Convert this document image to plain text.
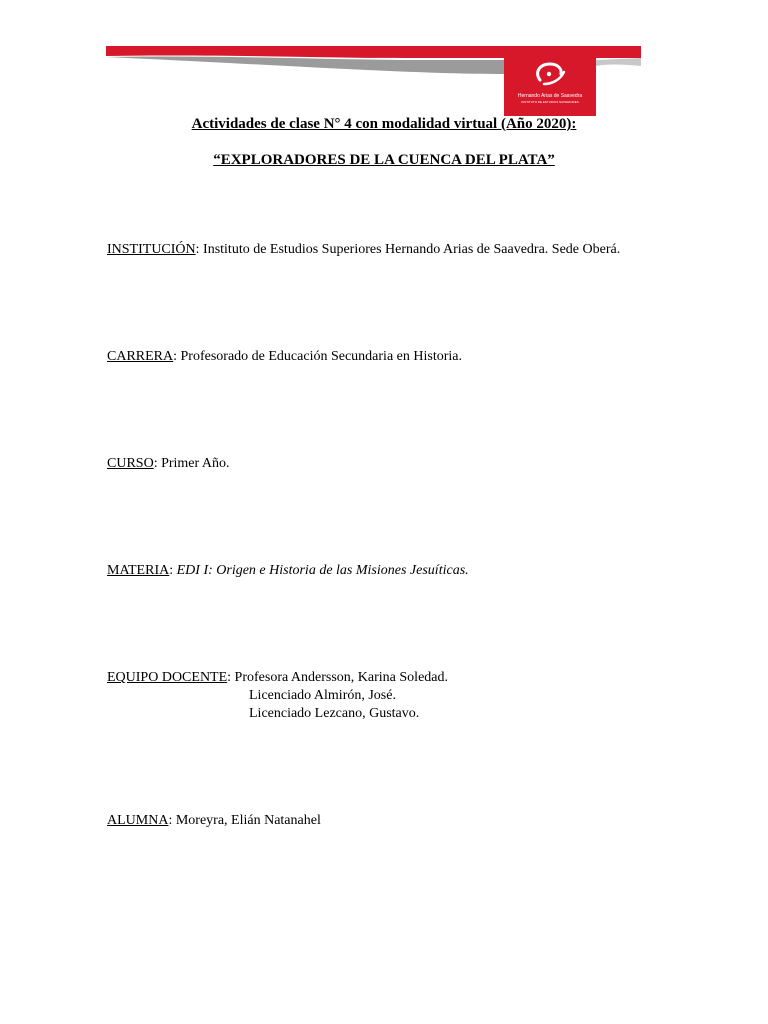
Hernando Arias de Saavedra
INSTITUTO DE ESTUDIOS SUPERIORES
Actividades de clase N° 4 con modalidad virtual (Año 2020):
“EXPLORADORES DE LA CUENCA DEL PLATA”
INSTITUCIÓN: Instituto de Estudios Superiores Hernando Arias de Saavedra. Sede Oberá.
CARRERA: Profesorado de Educación Secundaria en Historia.
CURSO: Primer Año.
MATERIA: EDI I: Origen e Historia de las Misiones Jesuíticas.
EQUIPO DOCENTE: Profesora Andersson, Karina Soledad.
Licenciado Almirón, José.
Licenciado Lezcano, Gustavo.
ALUMNA: Moreyra, Elián Natanahel
